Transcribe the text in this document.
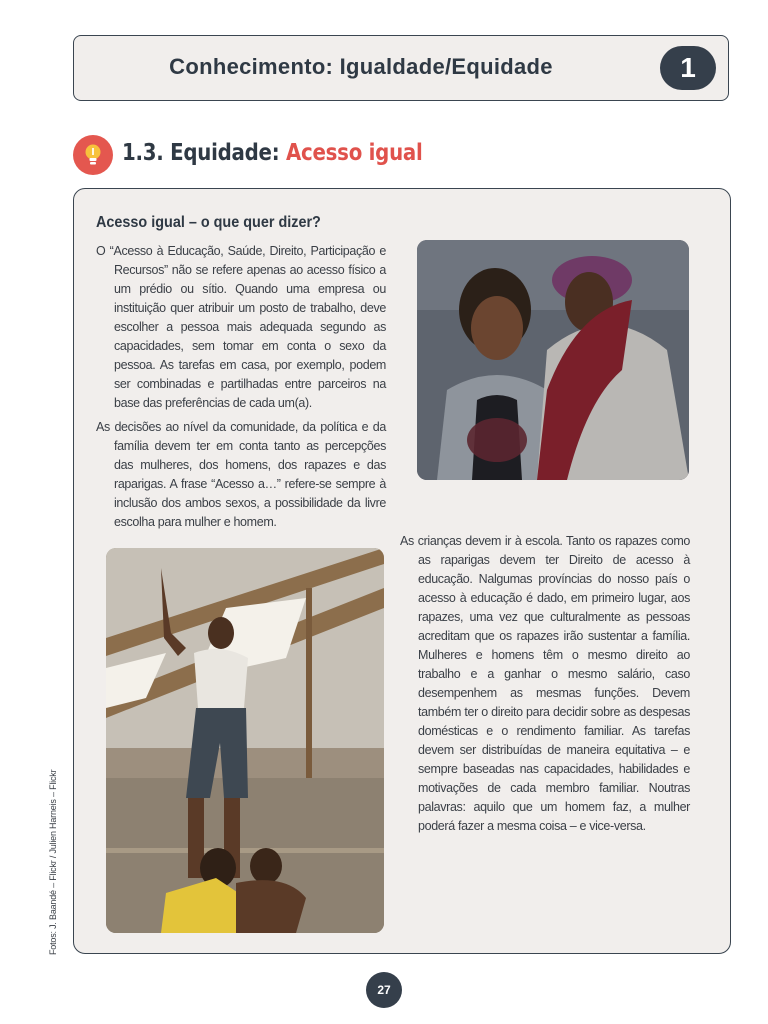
Conhecimento: Igualdade/Equidade	1
1.3. Equidade: Acesso igual
Acesso igual – o que quer dizer?
O “Acesso à Educação, Saúde, Direito, Participação e Recursos” não se refere apenas ao acesso físico a um prédio ou sítio. Quando uma empresa ou instituição quer atribuir um posto de trabalho, deve escolher a pessoa mais adequada segundo as capacidades, sem tomar em conta o sexo da pessoa. As tarefas em casa, por exemplo, podem ser combinadas e partilhadas entre parceiros na base das preferências de cada um(a).
As decisões ao nível da comunidade, da política e da família devem ter em conta tanto as percepções das mulheres, dos homens, dos rapazes e das raparigas. A frase “Acesso a…” refere-se sempre à inclusão dos ambos sexos, a possibilidade da livre escolha para mulher e homem.
As crianças devem ir à escola. Tanto os rapazes como as raparigas devem ter Direito de acesso à educação. Nalgumas províncias do nosso país o acesso à educação é dado, em primeiro lugar, aos rapazes, uma vez que culturalmente as pessoas acreditam que os rapazes irão sustentar a família. Mulheres e homens têm o mesmo direito ao trabalho e a ganhar o mesmo salário, caso desempenhem as mesmas funções. Devem também ter o direito para decidir sobre as despesas domésticas e o rendimento familiar. As tarefas devem ser distribuídas de maneira equitativa – e sempre baseadas nas capacidades, habilidades e motivações de cada membro familiar. Noutras palavras: aquilo que um homem faz, a mulher poderá fazer a mesma coisa – e vice-versa.
Fotos: J. Baandé – Flickr / Julien Harneis – Flickr
27
